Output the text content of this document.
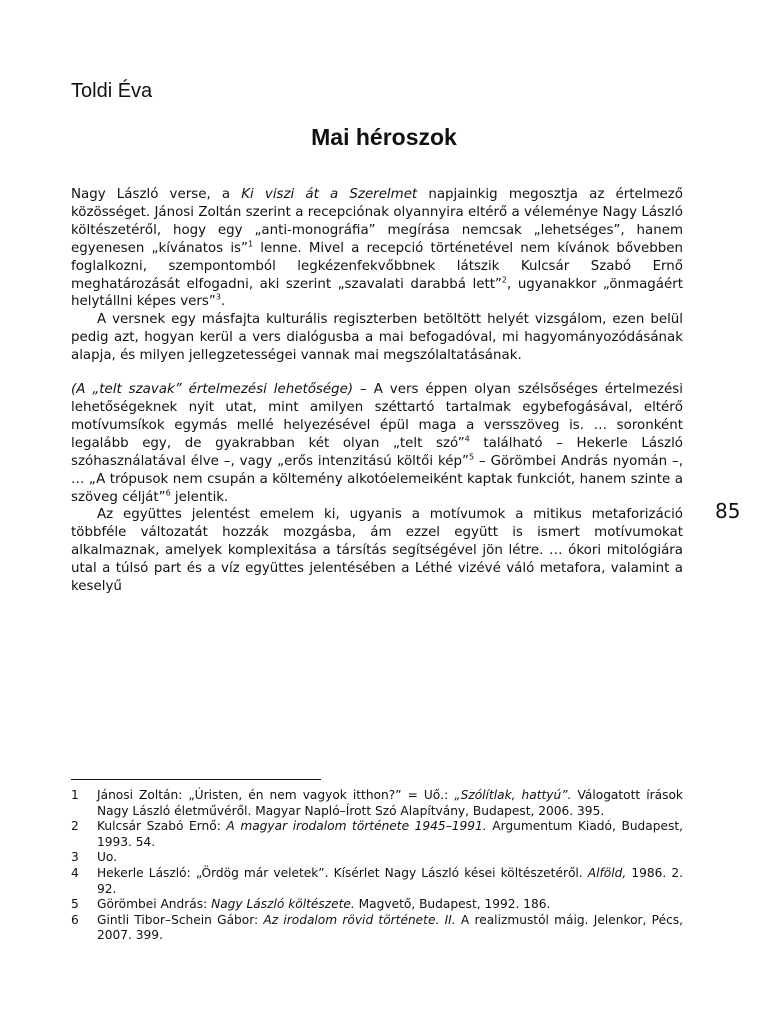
Toldi Éva
Mai héroszok

Nagy László verse, a Ki viszi át a Szerelmet napjainkig megosztja az értelmező közösséget. Jánosi Zoltán szerint a recepciónak olyannyira eltérő a véleménye Nagy László költészetéről, hogy egy „anti-monográfia” megírása nemcsak „lehetséges”, hanem egyenesen „kívánatos is”$^1$ lenne. Mivel a recepció történetével nem kívánok bővebben foglalkozni, szempontomból legkézenfekvőbbnek látszik Kulcsár Szabó Ernő meghatározását elfogadni, aki szerint „szavalati darabbá lett”$^2$, ugyanakkor „önmagáért helytállni képes vers”$^3$.

A versnek egy másfajta kulturális regiszterben betöltött helyét vizsgálom, ezen belül pedig azt, hogyan kerül a vers dialógusba a mai befogadóval, mi hagyományozódásának alapja, és milyen jellegzetességei vannak mai megszólaltatásának.

(A „telt szavak” értelmezési lehetősége) – A vers éppen olyan szélsőséges értelmezési lehetőségeknek nyit utat, mint amilyen széttartó tartalmak egybefogásával, eltérő motívumsíkok egymás mellé helyezésével épül maga a versszöveg is. … soronként legalább egy, de gyakrabban két olyan „telt szó”$^4$ található – Hekerle László szóhasználatával élve –, vagy „erős intenzitású költői kép”$^5$ – Görömbei András nyomán –, … „A trópusok nem csupán a költemény alkotóelemeiként kaptak funkciót, hanem szinte a szöveg célját”$^6$ jelentik.

Az együttes jelentést emelem ki, ugyanis a motívumok a mitikus metaforizáció többféle változatát hozzák mozgásba, ám ezzel együtt is ismert motívumokat alkalmaznak, amelyek komplexitása a társítás segítségével jön létre. … ókori mitológiára utal a túlsó part és a víz együttes jelentésében a Léthé vizévé váló metafora, valamint a keselyű

85
1	Jánosi Zoltán: „Úristen, én nem vagyok itthon?” = Uő.: „Szólítlak, hattyú”. Válogatott írások Nagy László életművéről. Magyar Napló–Írott Szó Alapítvány, Budapest, 2006. 395.
2	Kulcsár Szabó Ernő: A magyar irodalom története 1945–1991. Argumentum Kiadó, Budapest, 1993. 54.
3	Uo.
4	Hekerle László: „Ördög már veletek”. Kísérlet Nagy László kései költészetéről. Alföld, 1986. 2. 92.
5	Görömbei András: Nagy László költészete. Magvető, Budapest, 1992. 186.
6	Gintli Tibor–Schein Gábor: Az irodalom rövid története. II. A realizmustól máig. Jelenkor, Pécs, 2007. 399.
